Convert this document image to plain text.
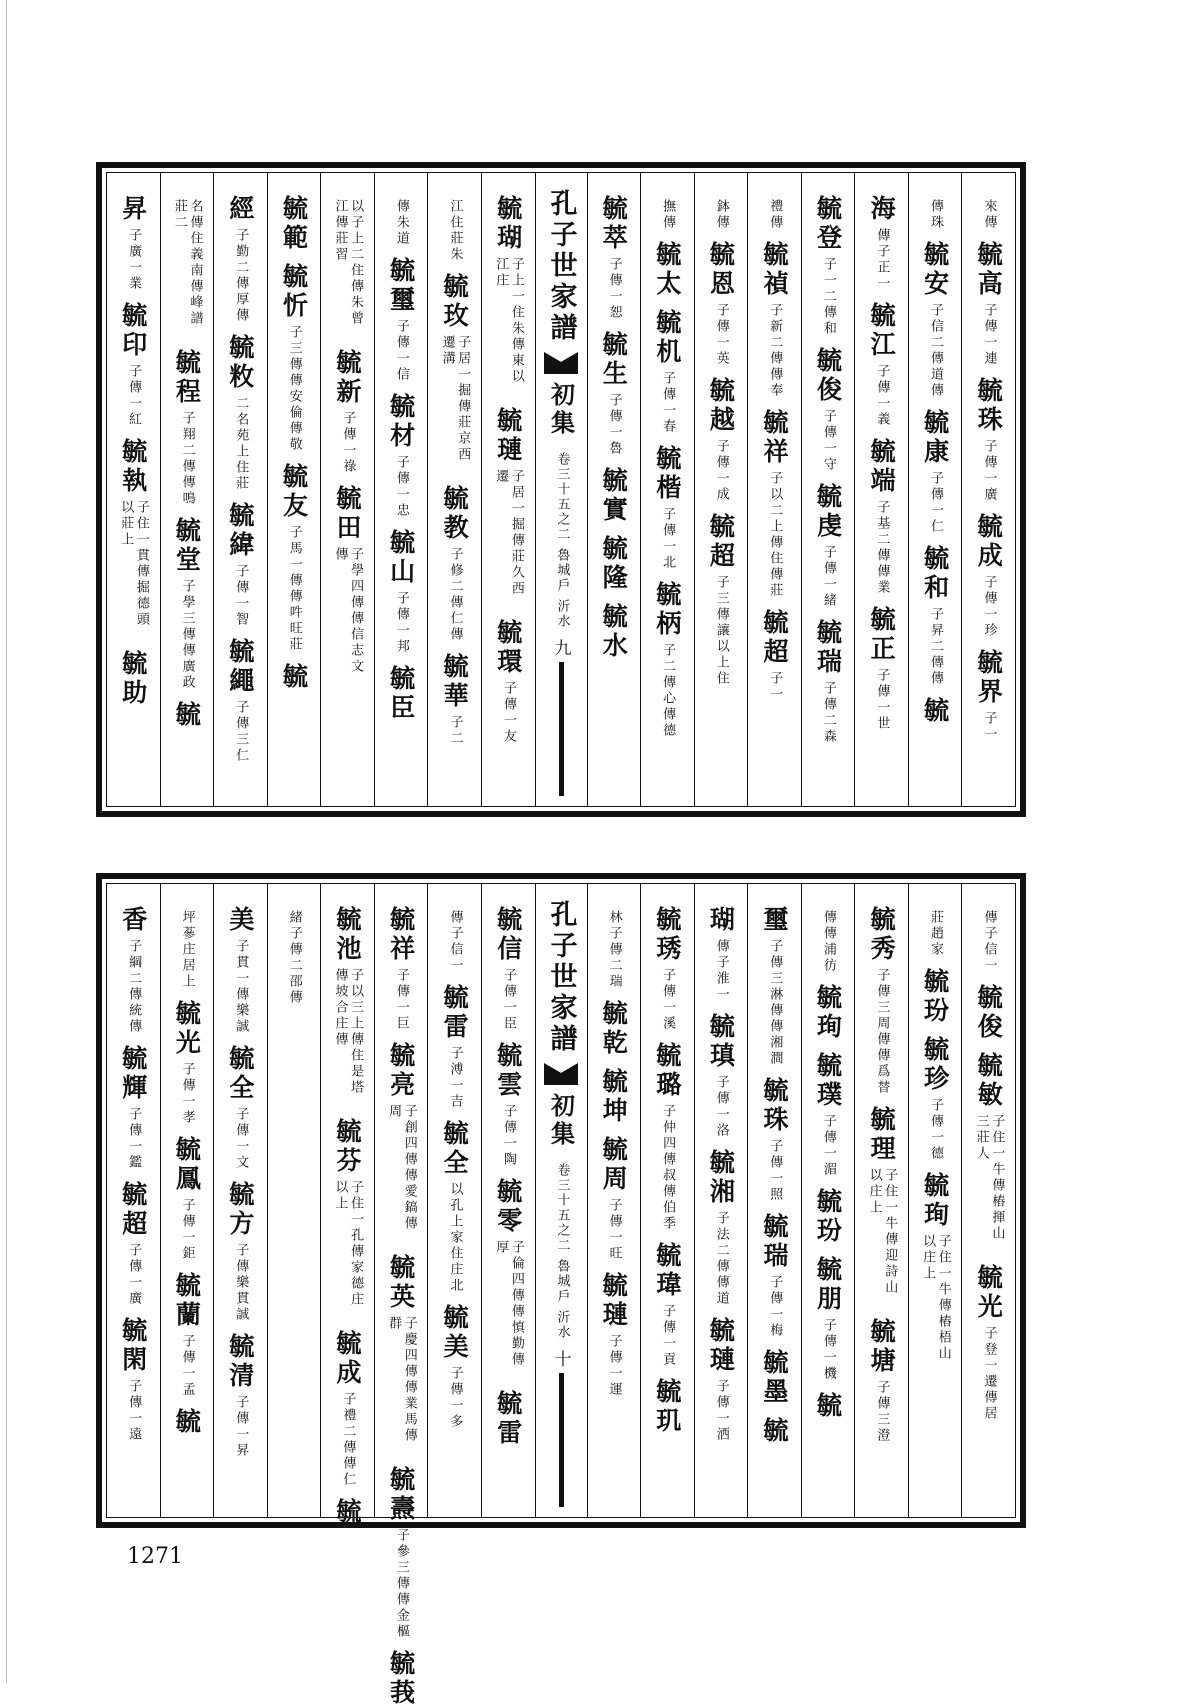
來傳
毓高
子傳一連
毓珠
子傳一廣
毓成
子傳一珍
毓界
子一
傳珠
毓安
子信二傳道傳
毓康
子傳一仁
毓和
子昇二傳傳
毓
海
傳子正一
毓江
子傳一義
毓端
子基二傳傳業
毓正
子傳一世
毓登
子一二傳和
毓俊
子傳一守
毓虔
子傳一緒
毓瑞
子傳二森
禮傳
毓禎
子新二傳傳奉
毓祥
子以二上傳住傳莊
毓超
子一
鉢傳
毓恩
子傳一英
毓越
子傳一成
毓超
子三傳讓以上住
撫傳
毓太
毓机
子傳一春
毓楷
子傳一北
毓柄
子二傳心傳德
毓萃
子傳一恕
毓生
子傳一魯
毓實
毓隆
毓水
孔子世家譜
初集
卷三十五之二 魯城戶 沂水
九
毓瑚
子上一住朱傳東以江庄
毓璉
子居一掘傳莊久西遷
毓環
子傳一友
江住莊朱
毓玫
子居一掘傳莊京西遷溝
毓教
子修二傳仁傳
毓華
子二
傳朱道
毓璽
子傳一信
毓材
子傳一忠
毓山
子傳一邦
毓臣
以子上二住傳朱曾江傳莊習
毓新
子傳一祿
毓田
子學四傳傳信志文傳
毓範
毓忻
子三傳傳安倫傳敬
毓友
子馬一傳傳吽旺莊
毓
經
子勤二傳厚傳
毓敉
二名苑上住莊
毓緯
子傳一智
毓繩
子傳三仁
名傳住義南傳峰譜莊二
毓程
子翔二傳傳鳴
毓堂
子學三傳傳廣政
毓
昇
子廣一業
毓印
子傳一紅
毓執
子住一貫傳掘德頭以莊上
毓助
傳子信一
毓俊
毓敏
子住一牛傳樁揮山三莊人
毓光
子登一遷傳居
莊趙家
毓玢
毓珍
子傳一德
毓珣
子住一牛傳樁梧山以庄上
毓秀
子傳三周傳傳爲替
毓理
子住一牛傳迎詩山以庄上
毓塘
子傳三澄
傳傳浦彷
毓珣
毓璞
子傳一湄
毓玢
毓朋
子傳一機
毓
璽
子傳三淋傳傳湘澗
毓珠
子傳一照
毓瑞
子傳一梅
毓墨
毓
瑚
傳子淮一
毓瑱
子傳一洛
毓湘
子法二傳傳道
毓璉
子傳一洒
毓琇
子傳一溪
毓璐
子仲四傳叔傳伯季
毓瑋
子傳一貢
毓玑
林子傳二瑞
毓乾
毓坤
毓周
子傳一旺
毓璉
子傳一運
孔子世家譜
初集
卷三十五之二 魯城戶 沂水
十
毓信
子傳一臣
毓雲
子傳一陶
毓零
子倫四傳傳慎勤傳厚
毓雷
傳子信一
毓雷
子溥一吉
毓全
以孔上家住庄北
毓美
子傳一多
毓祥
子傳一巨
毓亮
子創四傳傳愛鎬傳周
毓英
子慶四傳傳業馬傳群
毓燾
子參三傳傳金樞
毓莪
毓池
子以三上傳住是塔傳坡合庄傳
毓芬
子住一孔傳家德庄以上
毓成
子禮二傳傳仁
毓
緒子傳二邵傳
美
子貫一傳樂誠
毓全
子傳一文
毓方
子傳樂貫誠
毓清
子傳一昇
坪蔘庄居上
毓光
子傳一孝
毓鳳
子傳一鉅
毓蘭
子傳一孟
毓
香
子綱二傳統傳
毓輝
子傳一鑑
毓超
子傳一廣
毓閑
子傳一遠
1271
